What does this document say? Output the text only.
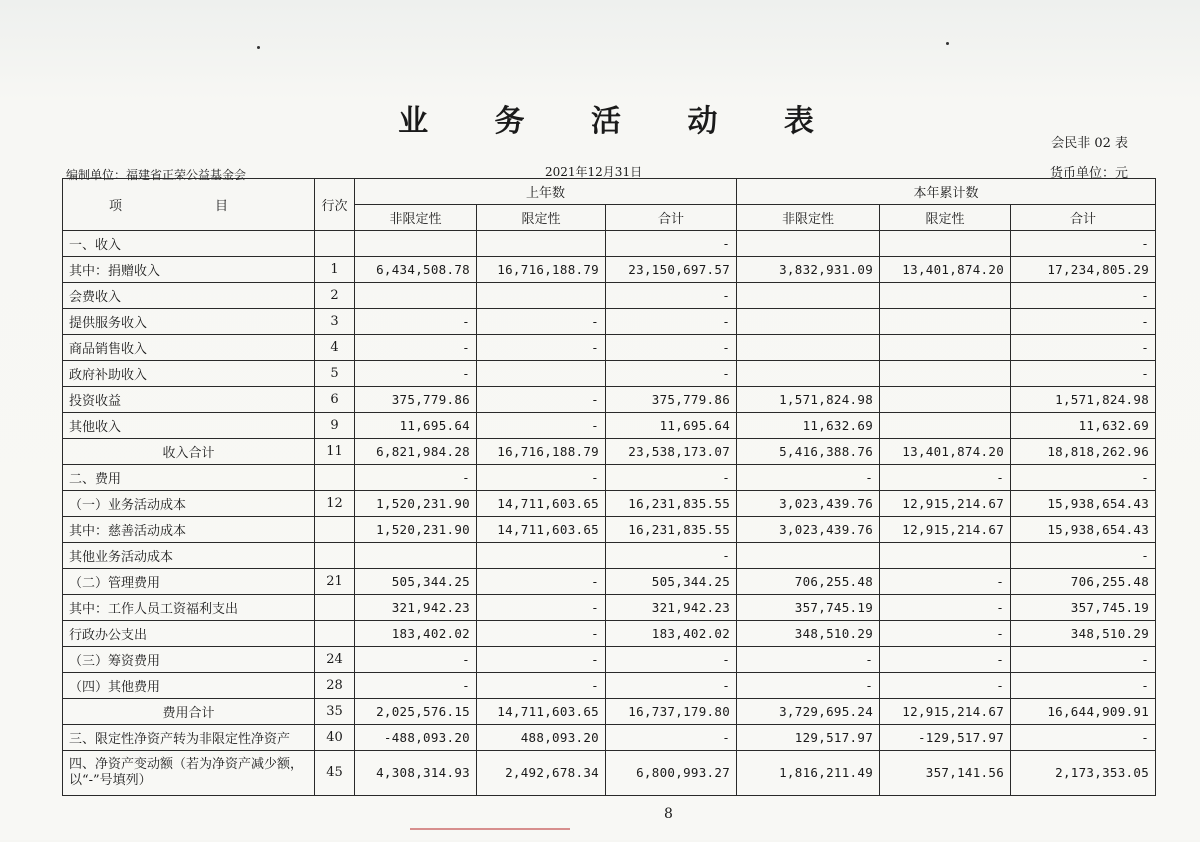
业 务 活 动 表
会民非 02 表
编制单位：福建省正荣公益基金会	2021年12月31日	货币单位：元
项　目	行次	上年数			本年累计数		
		非限定性	限定性	合计	非限定性	限定性	合计
一、收入				-			-
其中：捐赠收入	1	6,434,508.78	16,716,188.79	23,150,697.57	3,832,931.09	13,401,874.20	17,234,805.29
会费收入	2			-			-
提供服务收入	3	-	-	-			-
商品销售收入	4	-	-	-			-
政府补助收入	5	-		-			-
投资收益	6	375,779.86	-	375,779.86	1,571,824.98		1,571,824.98
其他收入	9	11,695.64	-	11,695.64	11,632.69		11,632.69
收入合计	11	6,821,984.28	16,716,188.79	23,538,173.07	5,416,388.76	13,401,874.20	18,818,262.96
二、费用		-	-	-	-	-	-
（一）业务活动成本	12	1,520,231.90	14,711,603.65	16,231,835.55	3,023,439.76	12,915,214.67	15,938,654.43
其中：慈善活动成本		1,520,231.90	14,711,603.65	16,231,835.55	3,023,439.76	12,915,214.67	15,938,654.43
其他业务活动成本				-			-
（二）管理费用	21	505,344.25	-	505,344.25	706,255.48	-	706,255.48
其中：工作人员工资福利支出		321,942.23	-	321,942.23	357,745.19	-	357,745.19
行政办公支出		183,402.02	-	183,402.02	348,510.29	-	348,510.29
（三）筹资费用	24	-	-	-	-	-	-
（四）其他费用	28	-	-	-	-	-	-
费用合计	35	2,025,576.15	14,711,603.65	16,737,179.80	3,729,695.24	12,915,214.67	16,644,909.91
三、限定性净资产转为非限定性净资产	40	-488,093.20	488,093.20	-	129,517.97	-129,517.97	-
四、净资产变动额（若为净资产减少额，以“-”号填列）	45	4,308,314.93	2,492,678.34	6,800,993.27	1,816,211.49	357,141.56	2,173,353.05
8
